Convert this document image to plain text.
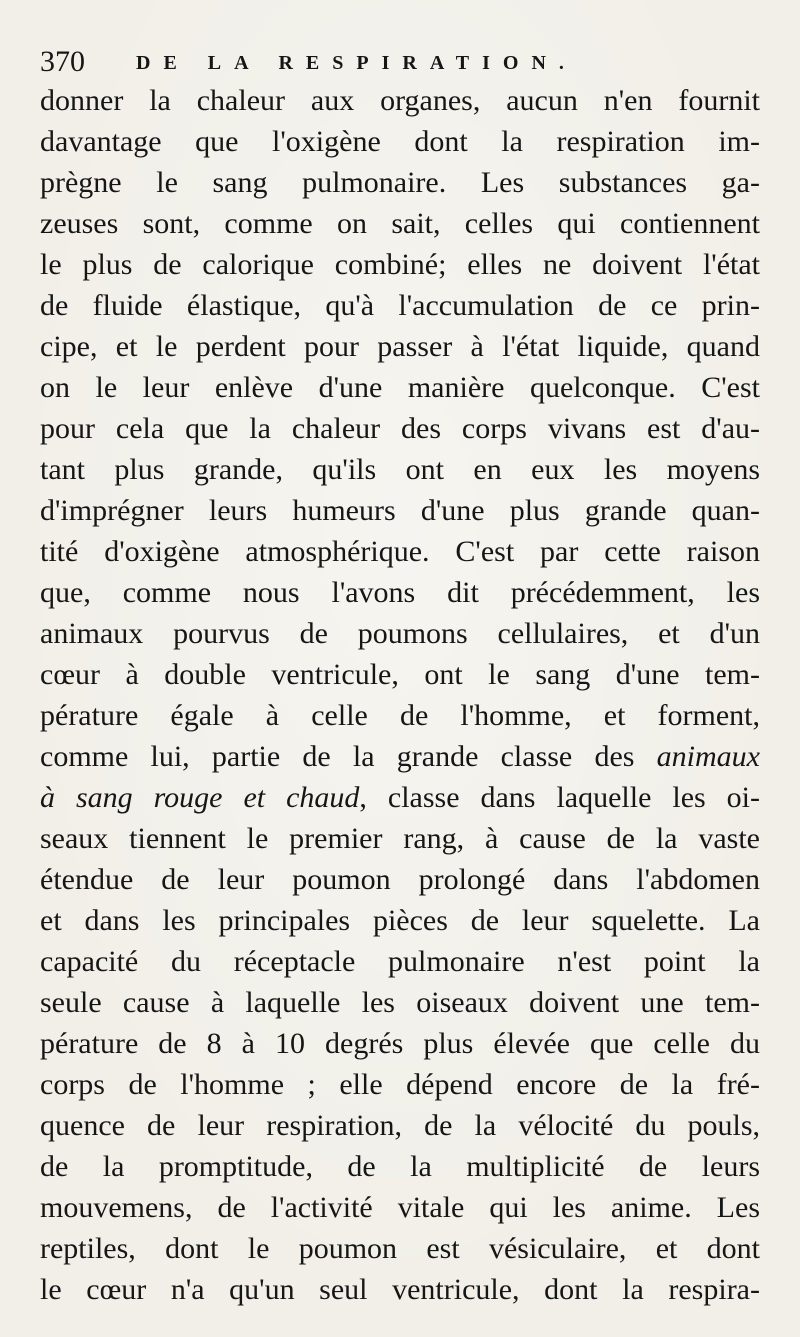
370	DE LA RESPIRATION.
donner la chaleur aux organes, aucun n'en fournit
davantage que l'oxigène dont la respiration im-
prègne le sang pulmonaire. Les substances ga-
zeuses sont, comme on sait, celles qui contiennent
le plus de calorique combiné; elles ne doivent l'état
de fluide élastique, qu'à l'accumulation de ce prin-
cipe, et le perdent pour passer à l'état liquide, quand
on le leur enlève d'une manière quelconque. C'est
pour cela que la chaleur des corps vivans est d'au-
tant plus grande, qu'ils ont en eux les moyens
d'imprégner leurs humeurs d'une plus grande quan-
tité d'oxigène atmosphérique. C'est par cette raison
que, comme nous l'avons dit précédemment, les
animaux pourvus de poumons cellulaires, et d'un
cœur à double ventricule, ont le sang d'une tem-
pérature égale à celle de l'homme, et forment,
comme lui, partie de la grande classe des animaux
à sang rouge et chaud, classe dans laquelle les oi-
seaux tiennent le premier rang, à cause de la vaste
étendue de leur poumon prolongé dans l'abdomen
et dans les principales pièces de leur squelette. La
capacité du réceptacle pulmonaire n'est point la
seule cause à laquelle les oiseaux doivent une tem-
pérature de 8 à 10 degrés plus élevée que celle du
corps de l'homme ; elle dépend encore de la fré-
quence de leur respiration, de la vélocité du pouls,
de la promptitude, de la multiplicité de leurs
mouvemens, de l'activité vitale qui les anime. Les
reptiles, dont le poumon est vésiculaire, et dont
le cœur n'a qu'un seul ventricule, dont la respira-
